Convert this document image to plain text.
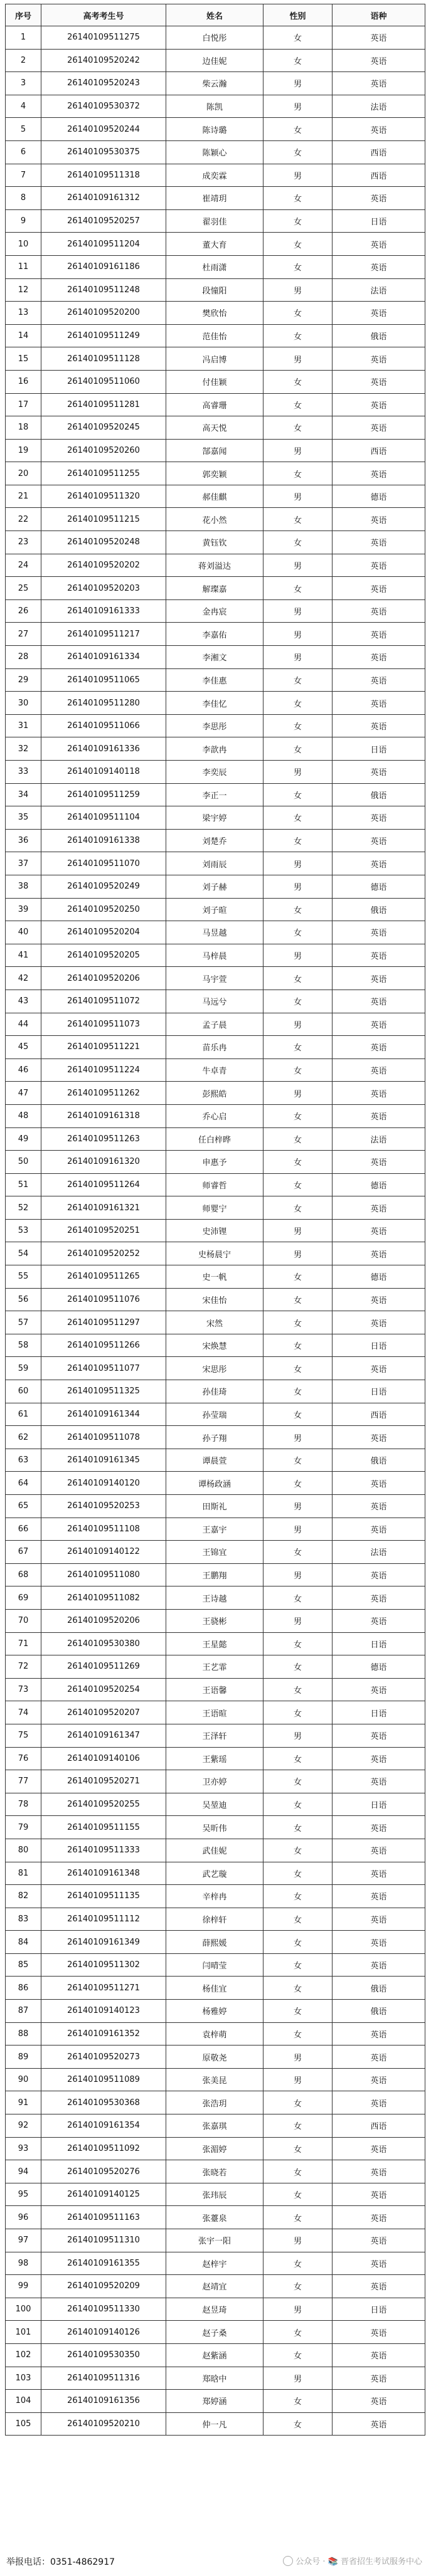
序号	高考考生号	姓名	性别	语种
1	26140109511275	白悦彤	女	英语
2	26140109520242	边佳妮	女	英语
3	26140109520243	柴云瀚	男	英语
4	26140109530372	陈凯	男	法语
5	26140109520244	陈诗璐	女	英语
6	26140109530375	陈颖心	女	西语
7	26140109511318	成奕霖	男	西语
8	26140109161312	崔靖玥	女	英语
9	26140109520257	翟羽佳	女	日语
10	26140109511204	董大育	女	英语
11	26140109161186	杜雨潇	女	英语
12	26140109511248	段憧阳	男	法语
13	26140109520200	樊欣怡	女	英语
14	26140109511249	范佳怡	女	俄语
15	26140109511128	冯启博	男	英语
16	26140109511060	付佳颖	女	英语
17	26140109511281	高睿珊	女	英语
18	26140109520245	高天悦	女	英语
19	26140109520260	郜嘉闻	男	西语
20	26140109511255	郭奕颖	女	英语
21	26140109511320	郝佳麒	男	德语
22	26140109511215	花小然	女	英语
23	26140109520248	黄钰钦	女	英语
24	26140109520202	蒋刘溢达	男	英语
25	26140109520203	解璨嘉	女	英语
26	26140109161333	金冉宸	男	英语
27	26140109511217	李嘉佑	男	英语
28	26140109161334	李湘文	男	英语
29	26140109511065	李佳惠	女	英语
30	26140109511280	李佳忆	女	英语
31	26140109511066	李思彤	女	英语
32	26140109161336	李歆冉	女	日语
33	26140109140118	李奕辰	男	英语
34	26140109511259	李正一	女	俄语
35	26140109511104	梁宇婷	女	英语
36	26140109161338	刘楚乔	女	英语
37	26140109511070	刘雨辰	男	英语
38	26140109520249	刘子赫	男	德语
39	26140109520250	刘子暄	女	俄语
40	26140109520204	马昱越	女	英语
41	26140109520205	马梓晨	男	英语
42	26140109520206	马宇萱	女	英语
43	26140109511072	马远兮	女	英语
44	26140109511073	孟子晨	男	英语
45	26140109511221	苗乐冉	女	英语
46	26140109511224	牛卓青	女	英语
47	26140109511262	彭熙皓	男	英语
48	26140109161318	乔心启	女	英语
49	26140109511263	任白梓晔	女	法语
50	26140109161320	申惠予	女	英语
51	26140109511264	师睿哲	女	德语
52	26140109161321	师婴宁	女	英语
53	26140109520251	史沛锂	男	英语
54	26140109520252	史杨晨宁	男	英语
55	26140109511265	史一帆	女	德语
56	26140109511076	宋佳怡	女	英语
57	26140109511297	宋然	女	英语
58	26140109511266	宋焕慧	女	日语
59	26140109511077	宋思彤	女	英语
60	26140109511325	孙佳琦	女	日语
61	26140109161344	孙莹瑞	女	西语
62	26140109511078	孙子翔	男	英语
63	26140109161345	谭晨萱	女	俄语
64	26140109140120	谭杨政涵	女	英语
65	26140109520253	田斯礼	男	英语
66	26140109511108	王嘉宇	男	英语
67	26140109140122	王锦宜	女	法语
68	26140109511080	王鹏翔	男	英语
69	26140109511082	王诗越	女	英语
70	26140109520206	王骁彬	男	英语
71	26140109530380	王星懿	女	日语
72	26140109511269	王艺霏	女	德语
73	26140109520254	王语馨	女	英语
74	26140109520207	王语暄	女	日语
75	26140109161347	王泽轩	男	英语
76	26140109140106	王紫瑶	女	英语
77	26140109520271	卫亦婷	女	英语
78	26140109520255	吴堃迪	女	日语
79	26140109511155	吴昕伟	女	英语
80	26140109511333	武佳妮	女	英语
81	26140109161348	武艺璇	女	英语
82	26140109511135	辛梓冉	女	英语
83	26140109511112	徐梓轩	女	英语
84	26140109161349	薛熙媛	女	英语
85	26140109511302	闫晴莹	女	英语
86	26140109511271	杨佳宜	女	俄语
87	26140109140123	杨雅婷	女	俄语
88	26140109161352	袁梓萌	女	英语
89	26140109520273	原敬尧	男	英语
90	26140109511089	张美昆	男	英语
91	26140109530368	张浩玥	女	英语
92	26140109161354	张嘉琪	女	西语
93	26140109511092	张湄婷	女	英语
94	26140109520276	张晓若	女	英语
95	26140109140125	张玮辰	女	英语
96	26140109511163	张薹泉	女	英语
97	26140109511310	张宇一阳	男	英语
98	26140109161355	赵梓宇	女	英语
99	26140109520209	赵靖宜	女	英语
100	26140109511330	赵昱琦	男	日语
101	26140109140126	赵子桑	女	英语
102	26140109530350	赵紫涵	女	英语
103	26140109511316	郑晗中	男	英语
104	26140109161356	郑婷涵	女	英语
105	26140109520210	仲一凡	女	英语
举报电话：0351-4862917	公众号 · 📚 晋省招生考试服务中心
